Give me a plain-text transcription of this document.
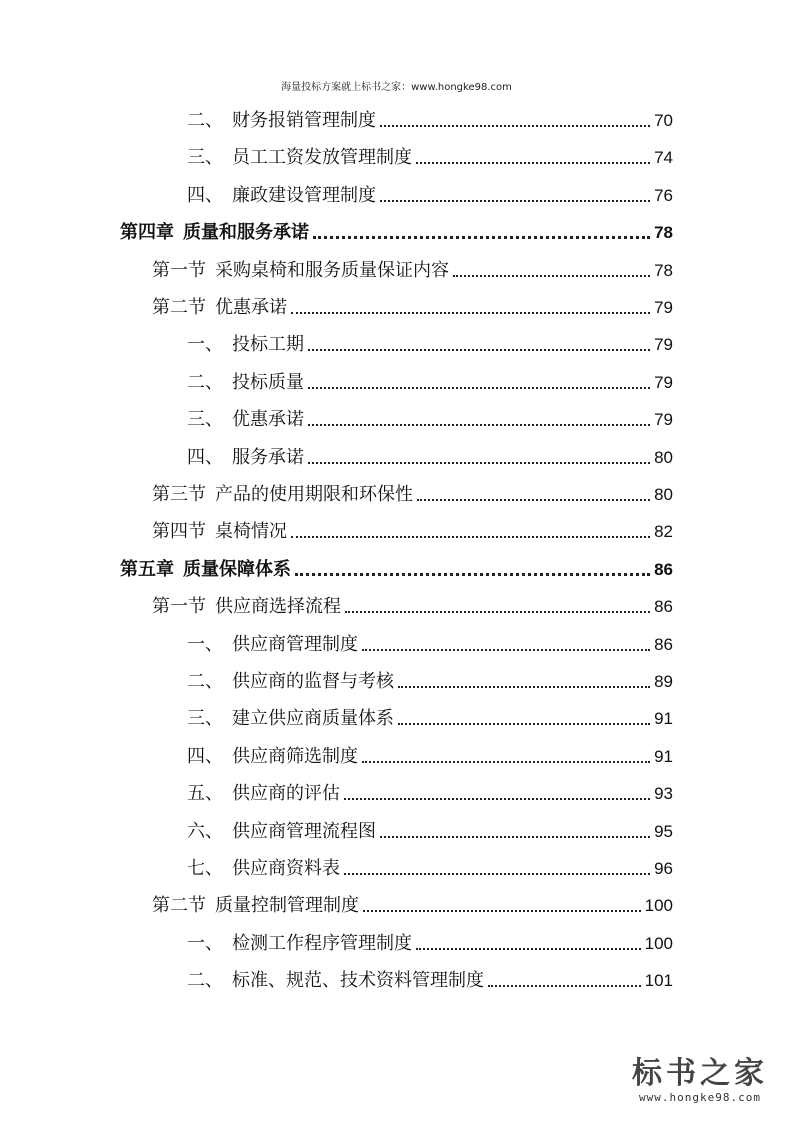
海量投标方案就上标书之家：www.hongke98.com
二、 财务报销管理制度	70
三、 员工工资发放管理制度	74
四、 廉政建设管理制度	76
第四章 质量和服务承诺	78
第一节 采购桌椅和服务质量保证内容	78
第二节 优惠承诺	79
一、 投标工期	79
二、 投标质量	79
三、 优惠承诺	79
四、 服务承诺	80
第三节 产品的使用期限和环保性	80
第四节 桌椅情况	82
第五章 质量保障体系	86
第一节 供应商选择流程	86
一、 供应商管理制度	86
二、 供应商的监督与考核	89
三、 建立供应商质量体系	91
四、 供应商筛选制度	91
五、 供应商的评估	93
六、 供应商管理流程图	95
七、 供应商资料表	96
第二节 质量控制管理制度	100
一、 检测工作程序管理制度	100
二、 标准、规范、技术资料管理制度	101
标书之家
www.hongke98.com
